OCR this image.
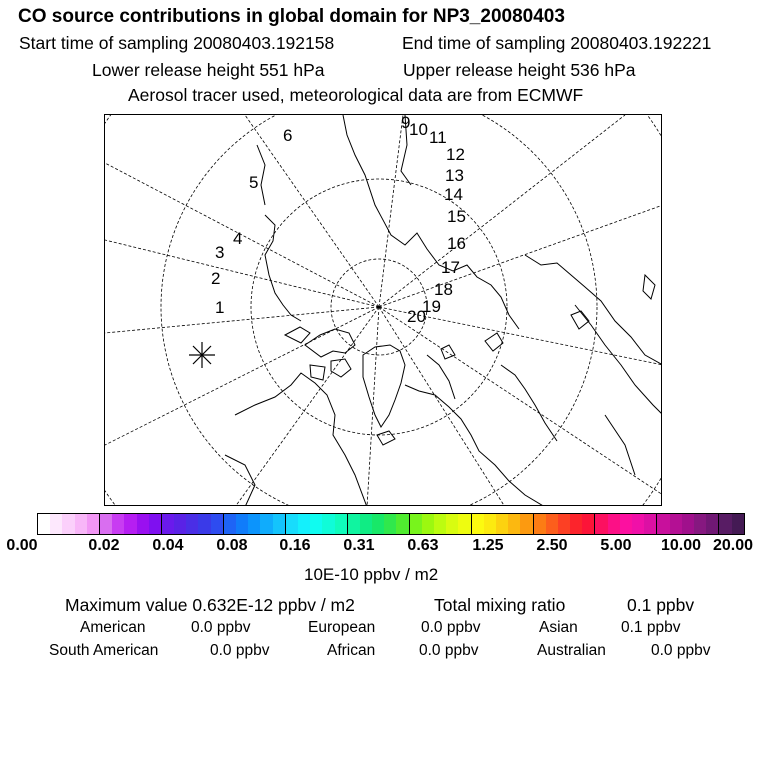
CO source contributions in global domain for NP3_20080403
Start time of sampling 20080403.192158	End time of sampling 20080403.192221
Lower release height 551 hPa	Upper release height 536 hPa
Aerosol tracer used, meteorological data are from ECMWF
1
2
3
4
5
6
9
10 11
12
13
14
15
16
17
18
19
20
0.00	0.02 0.04 0.08 0.16 0.31 0.63 1.25 2.50 5.00 10.00 20.00
10E-10 ppbv / m2
Maximum value 0.632E-12 ppbv / m2	Total mixing ratio	0.1 ppbv
American	0.0 ppbv	European	0.0 ppbv	Asian	0.1 ppbv
South American	0.0 ppbv	African	0.0 ppbv	Australian	0.0 ppbv
